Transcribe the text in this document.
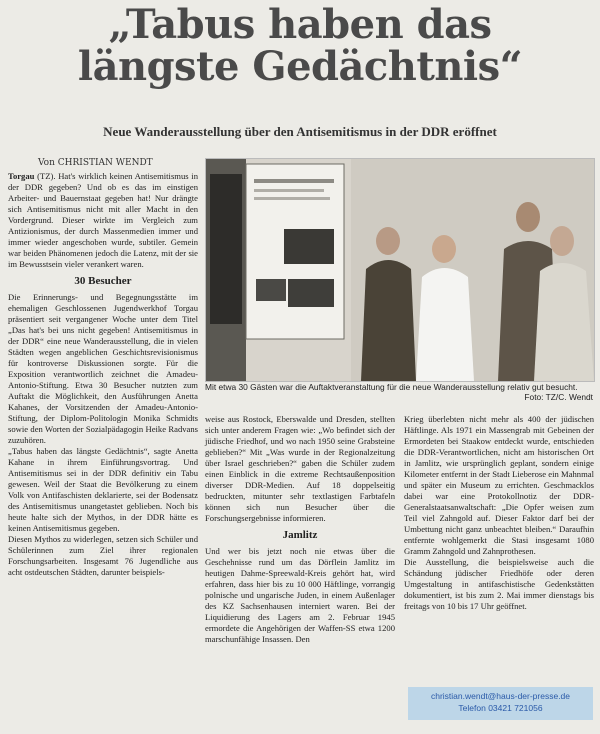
„Tabus haben das
längste Gedächtnis“
Neue Wanderausstellung über den Antisemitismus in der DDR eröffnet
Von CHRISTIAN WENDT

Torgau (TZ). Hat's wirklich keinen Antisemitismus in der DDR gegeben? Und ob es das im einstigen Arbeiter- und Bauernstaat gegeben hat! Nur drängte sich Antisemitismus nicht mit aller Macht in den Vordergrund. Dieser wirkte im Vergleich zum Antizionismus, der durch Massenmedien immer und immer wieder angeschoben wurde, subtiler. Gemein war beiden Phänomenen jedoch die Latenz, mit der sie im Bewusstsein vieler verankert waren.

30 Besucher

Die Erinnerungs- und Begegnungsstätte im ehemaligen Geschlossenen Jugendwerkhof Torgau präsentiert seit vergangener Woche unter dem Titel „Das hat's bei uns nicht gegeben! Antisemitismus in der DDR“ eine neue Wanderausstellung, die in vielen Städten wegen angeblichen Geschichtsrevisionismus für kontroverse Diskussionen sorgte. Für die Exposition verantwortlich zeichnet die Amadeu-Antonio-Stiftung. Etwa 30 Besucher nutzten zum Auftakt die Möglichkeit, den Ausführungen Anetta Kahanes, der Vorsitzenden der Amadeu-Antonio-Stiftung, der Diplom-Politologin Monika Schmidts sowie den Worten der Sozialpädagogin Heike Radvans zuzuhören.

„Tabus haben das längste Gedächtnis“, sagte Anetta Kahane in ihrem Einführungsvortrag. Und Antisemitismus sei in der DDR definitiv ein Tabu gewesen. Weil der Staat die Bevölkerung zu einem Volk von Antifaschisten deklarierte, sei der Bodensatz des Antisemitismus unangetastet geblieben. Noch bis heute halte sich der Mythos, in der DDR hätte es keinen Antisemitismus gegeben.

Diesen Mythos zu widerlegen, setzen sich Schüler und Schülerinnen zum Ziel ihrer regionalen Forschungsarbeiten. Insgesamt 76 Jugendliche aus acht ostdeutschen Städten, darunter beispiels-

Mit etwa 30 Gästen war die Auftaktveranstaltung für die neue Wanderausstellung relativ gut besucht.
Foto: TZ/C. Wendt

weise aus Rostock, Eberswalde und Dresden, stellten sich unter anderem Fragen wie: „Wo befindet sich der jüdische Friedhof, und wo nach 1950 seine Grabsteine geblieben?“ Mit „Was wurde in der Regionalzeitung über Israel geschrieben?“ gaben die Schüler zudem einen Einblick in die extreme Rechtsaußenposition diverser DDR-Medien. Auf 18 doppelseitig bedruckten, mitunter sehr textlastigen Farbtafeln können sich nun Besucher über die Forschungsergebnisse informieren.

Jamlitz

Und wer bis jetzt noch nie etwas über die Geschehnisse rund um das Dörflein Jamlitz im heutigen Dahme-Spreewald-Kreis gehört hat, wird erfahren, dass hier bis zu 10 000 Häftlinge, vorrangig polnische und ungarische Juden, in einem Außenlager des KZ Sachsenhausen interniert waren. Bei der Liquidierung des Lagers am 2. Februar 1945 ermordete die Angehörigen der Waffen-SS etwa 1200 marschunfähige Insassen. Den

Krieg überlebten nicht mehr als 400 der jüdischen Häftlinge. Als 1971 ein Massengrab mit Gebeinen der Ermordeten bei Staakow entdeckt wurde, entschieden die DDR-Verantwortlichen, nicht am historischen Ort in Jamlitz, wie ursprünglich geplant, sondern einige Kilometer entfernt in der Stadt Lieberose ein Mahnmal und später ein Museum zu errichten. Geschmacklos dabei war eine Protokollnotiz der DDR-Generalstaatsanwaltschaft: „Die Opfer weisen zum Teil viel Zahngold auf. Dieser Faktor darf bei der Umbettung nicht ganz unbeachtet bleiben.“ Daraufhin entfernte wohlgemerkt die Stasi insgesamt 1080 Gramm Zahngold und Zahnprothesen.

Die Ausstellung, die beispielsweise auch die Schändung jüdischer Friedhöfe oder deren Umgestaltung in antifaschistische Gedenkstätten dokumentiert, ist bis zum 2. Mai immer dienstags bis freitags von 10 bis 17 Uhr geöffnet.

christian.wendt@haus-der-presse.de
Telefon 03421 721056
